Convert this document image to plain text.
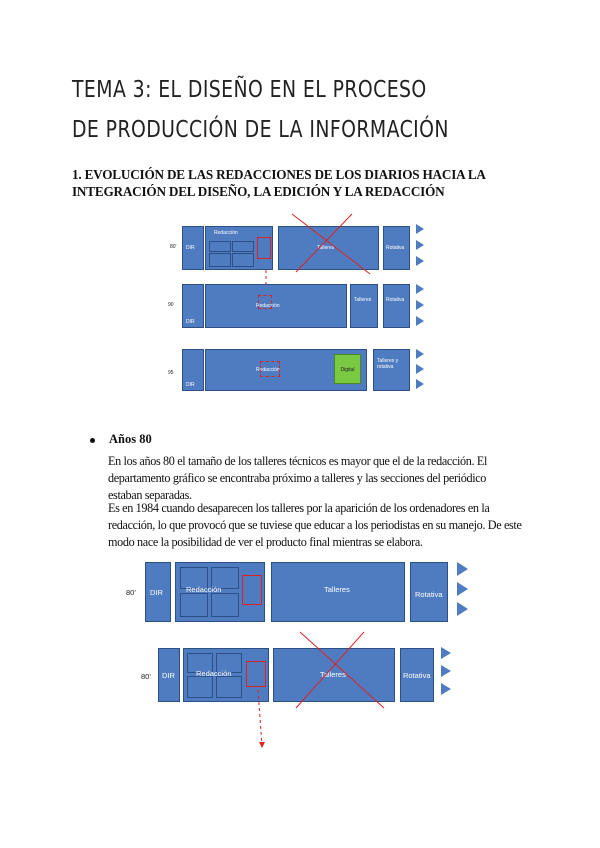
TEMA 3: EL DISEÑO EN EL PROCESO DE PRODUCCIÓN DE LA INFORMACIÓN
1. EVOLUCIÓN DE LAS REDACCIONES DE LOS DIARIOS HACIA LA INTEGRACIÓN DEL DISEÑO, LA EDICIÓN Y LA REDACCIÓN
80' DIR
Redacción
Talleres	Rotativa
90
DIR
Redacción
Talleres	Rotativa
95
DIR
Redacción	Digital
Talleres y rotativa
Años 80
En los años 80 el tamaño de los talleres técnicos es mayor que el de la redacción. El departamento gráfico se encontraba próximo a talleres y las secciones del periódico estaban separadas.
Es en 1984 cuando desaparecen los talleres por la aparición de los ordenadores en la redacción, lo que provocó que se tuviese que educar a los periodistas en su manejo. De este modo nace la posibilidad de ver el producto final mientras se elabora.
80' DIR	Redacción	Talleres
Rotativa
80' DIR	Redacción	Talleres	Rotativa
